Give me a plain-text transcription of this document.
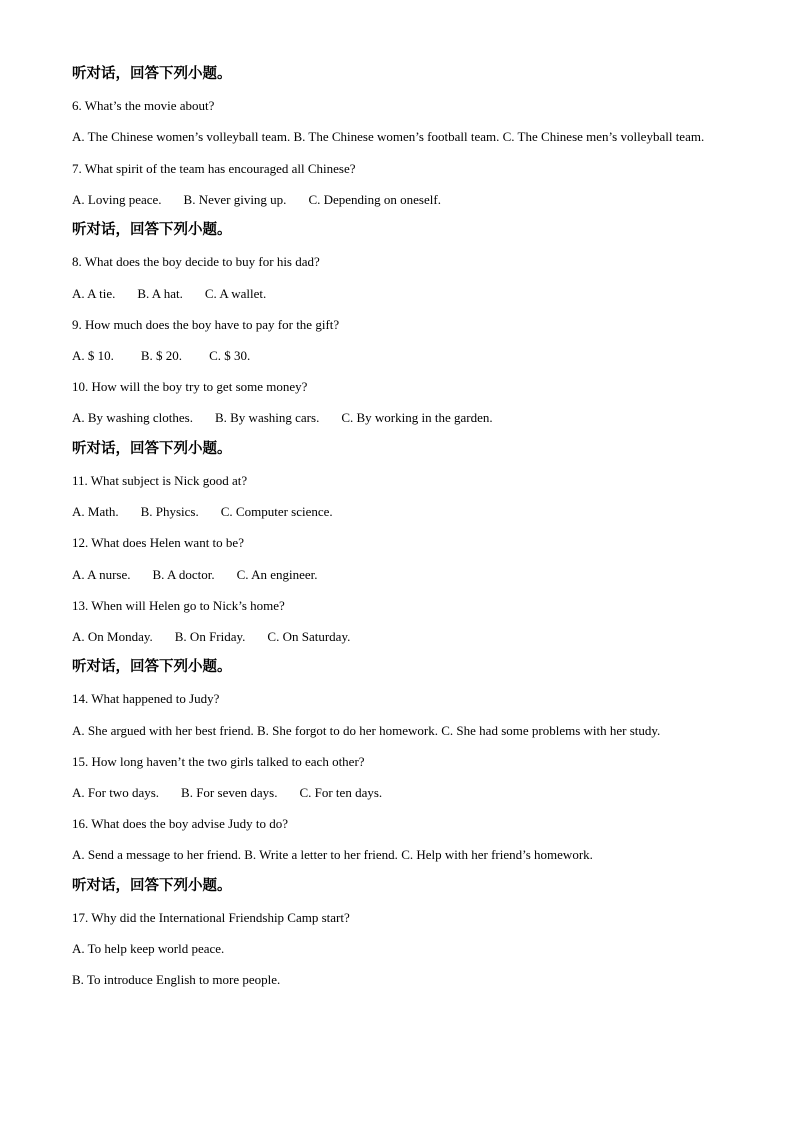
听对话，回答下列小题。
6. What’s the movie about?
A. The Chinese women’s volleyball team. B. The Chinese women’s football team. C. The Chinese men’s volleyball team.
7. What spirit of the team has encouraged all Chinese?
A. Loving peace. B. Never giving up. C. Depending on oneself.
听对话，回答下列小题。
8. What does the boy decide to buy for his dad?
A. A tie. B. A hat. C. A wallet.
9. How much does the boy have to pay for the gift?
A. $ 10. B. $ 20. C. $ 30.
10. How will the boy try to get some money?
A. By washing clothes. B. By washing cars. C. By working in the garden.
听对话，回答下列小题。
11. What subject is Nick good at?
A. Math. B. Physics. C. Computer science.
12. What does Helen want to be?
A. A nurse. B. A doctor. C. An engineer.
13. When will Helen go to Nick’s home?
A. On Monday. B. On Friday. C. On Saturday.
听对话，回答下列小题。
14. What happened to Judy?
A. She argued with her best friend. B. She forgot to do her homework. C. She had some problems with her study.
15. How long haven’t the two girls talked to each other?
A. For two days. B. For seven days. C. For ten days.
16. What does the boy advise Judy to do?
A. Send a message to her friend. B. Write a letter to her friend. C. Help with her friend’s homework.
听对话，回答下列小题。
17. Why did the International Friendship Camp start?
A. To help keep world peace.
B. To introduce English to more people.
